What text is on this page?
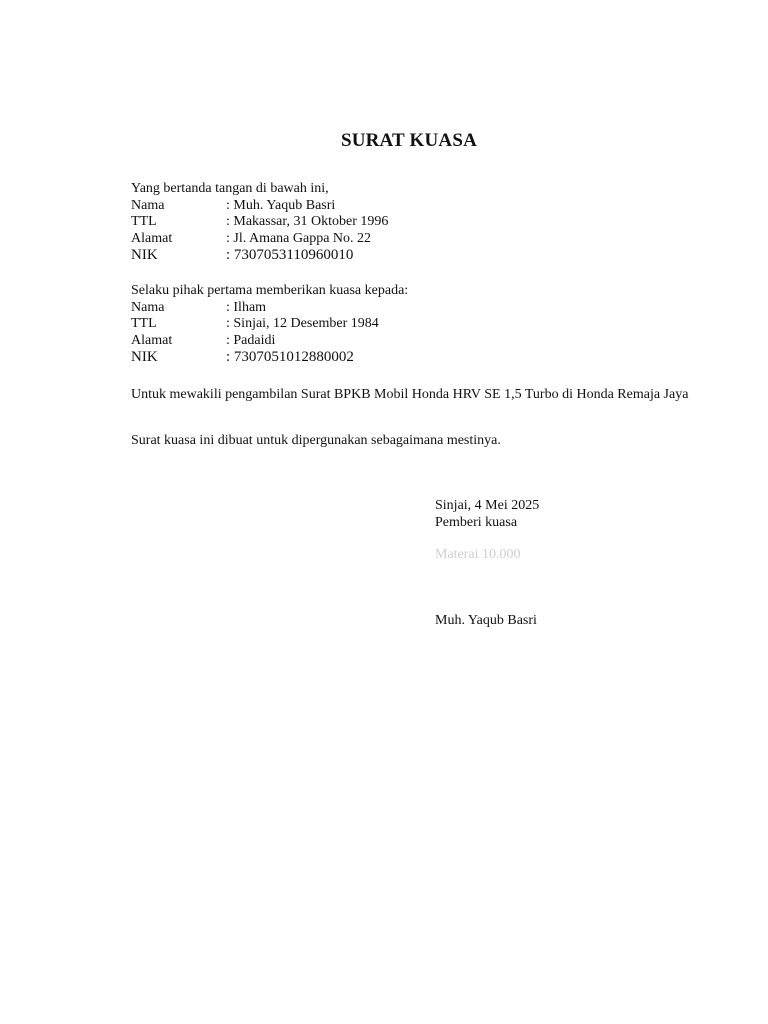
SURAT KUASA
Yang bertanda tangan di bawah ini,
Nama	: Muh. Yaqub Basri
TTL	: Makassar, 31 Oktober 1996
Alamat	: Jl. Amana Gappa No. 22
NIK	: 7307053110960010
Selaku pihak pertama memberikan kuasa kepada:
Nama	: Ilham
TTL	: Sinjai, 12 Desember 1984
Alamat	: Padaidi
NIK	: 7307051012880002
Untuk mewakili pengambilan Surat BPKB Mobil Honda HRV SE 1,5 Turbo di Honda Remaja Jaya
Surat kuasa ini dibuat untuk dipergunakan sebagaimana mestinya.
Sinjai, 4 Mei 2025
Pemberi kuasa
Materai 10.000
Muh. Yaqub Basri
